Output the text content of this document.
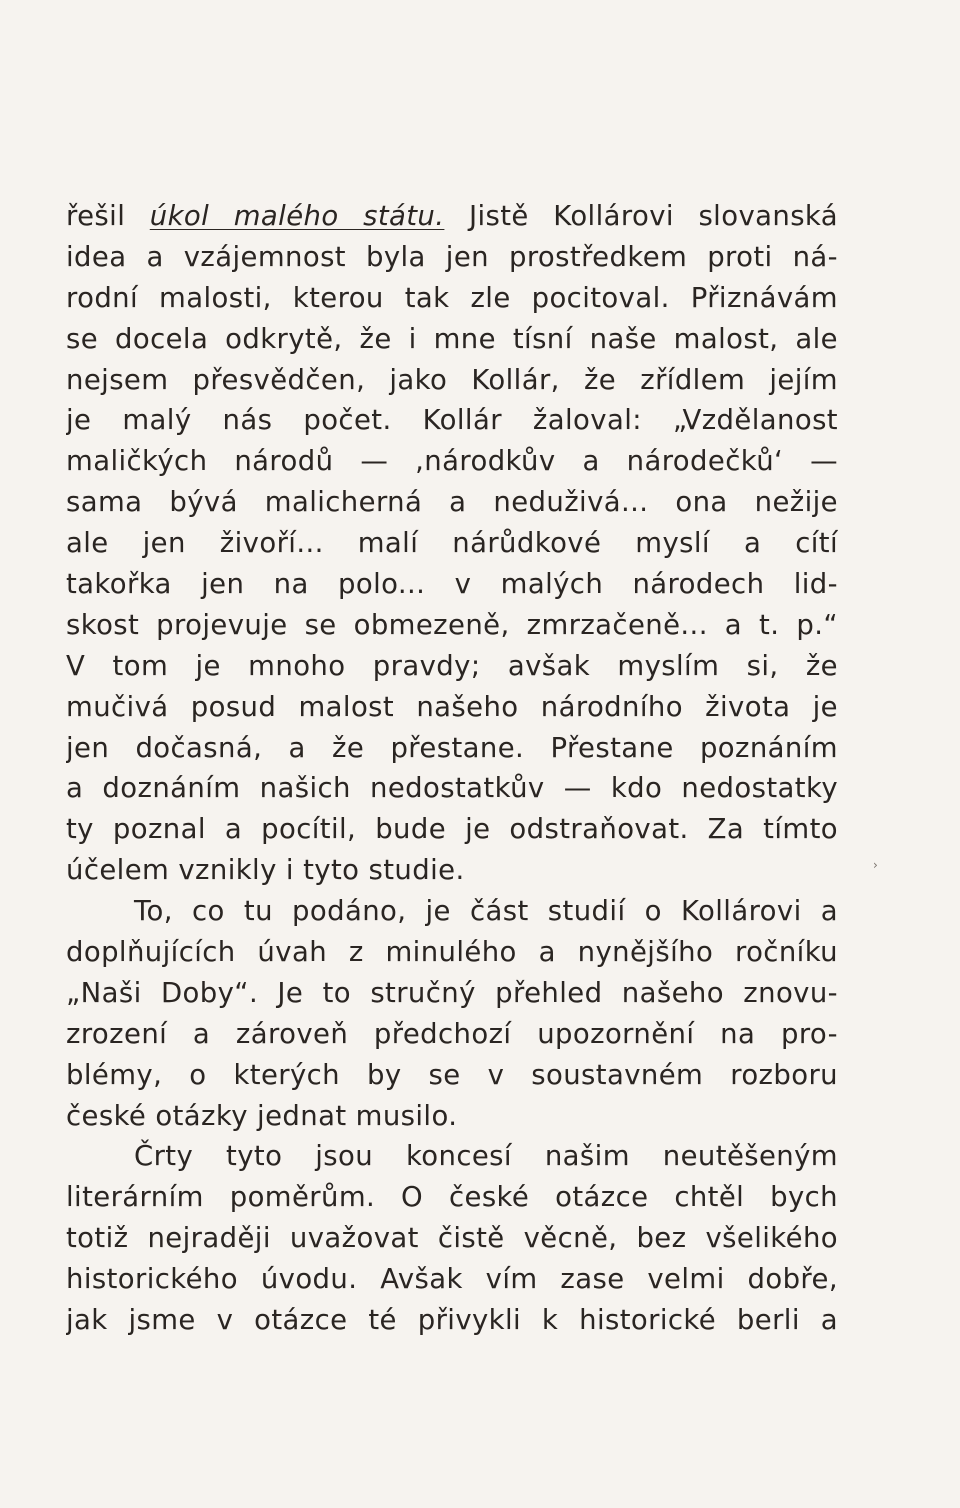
řešil úkol malého státu. Jistě Kollárovi slovanská
idea a vzájemnost byla jen prostředkem proti ná-
rodní malosti, kterou tak zle pocitoval. Přiznávám
se docela odkrytě, že i mne tísní naše malost, ale
nejsem přesvědčen, jako Kollár, že zřídlem jejím
je malý nás počet. Kollár žaloval: „Vzdělanost
maličkých národů — ,národkův a národečků‘ —
sama bývá malicherná a neduživá... ona nežije
ale jen živoří... malí nárůdkové myslí a cítí
takořka jen na polo... v malých národech lid-
skost projevuje se obmezeně, zmrzačeně... a t. p.“
V tom je mnoho pravdy; avšak myslím si, že
mučivá posud malost našeho národního života je
jen dočasná, a že přestane. Přestane poznáním
a doznáním našich nedostatkův — kdo nedostatky
ty poznal a pocítil, bude je odstraňovat. Za tímto
účelem vznikly i tyto studie.
To, co tu podáno, je část studií o Kollárovi a
doplňujících úvah z minulého a nynějšího ročníku
„Naši Doby“. Je to stručný přehled našeho znovu-
zrození a zároveň předchozí upozornění na pro-
blémy, o kterých by se v soustavném rozboru
české otázky jednat musilo.
Črty tyto jsou koncesí našim neutěšeným
literárním poměrům. O české otázce chtěl bych
totiž nejraději uvažovat čistě věcně, bez všelikého
historického úvodu. Avšak vím zase velmi dobře,
jak jsme v otázce té přivykli k historické berli a
›
